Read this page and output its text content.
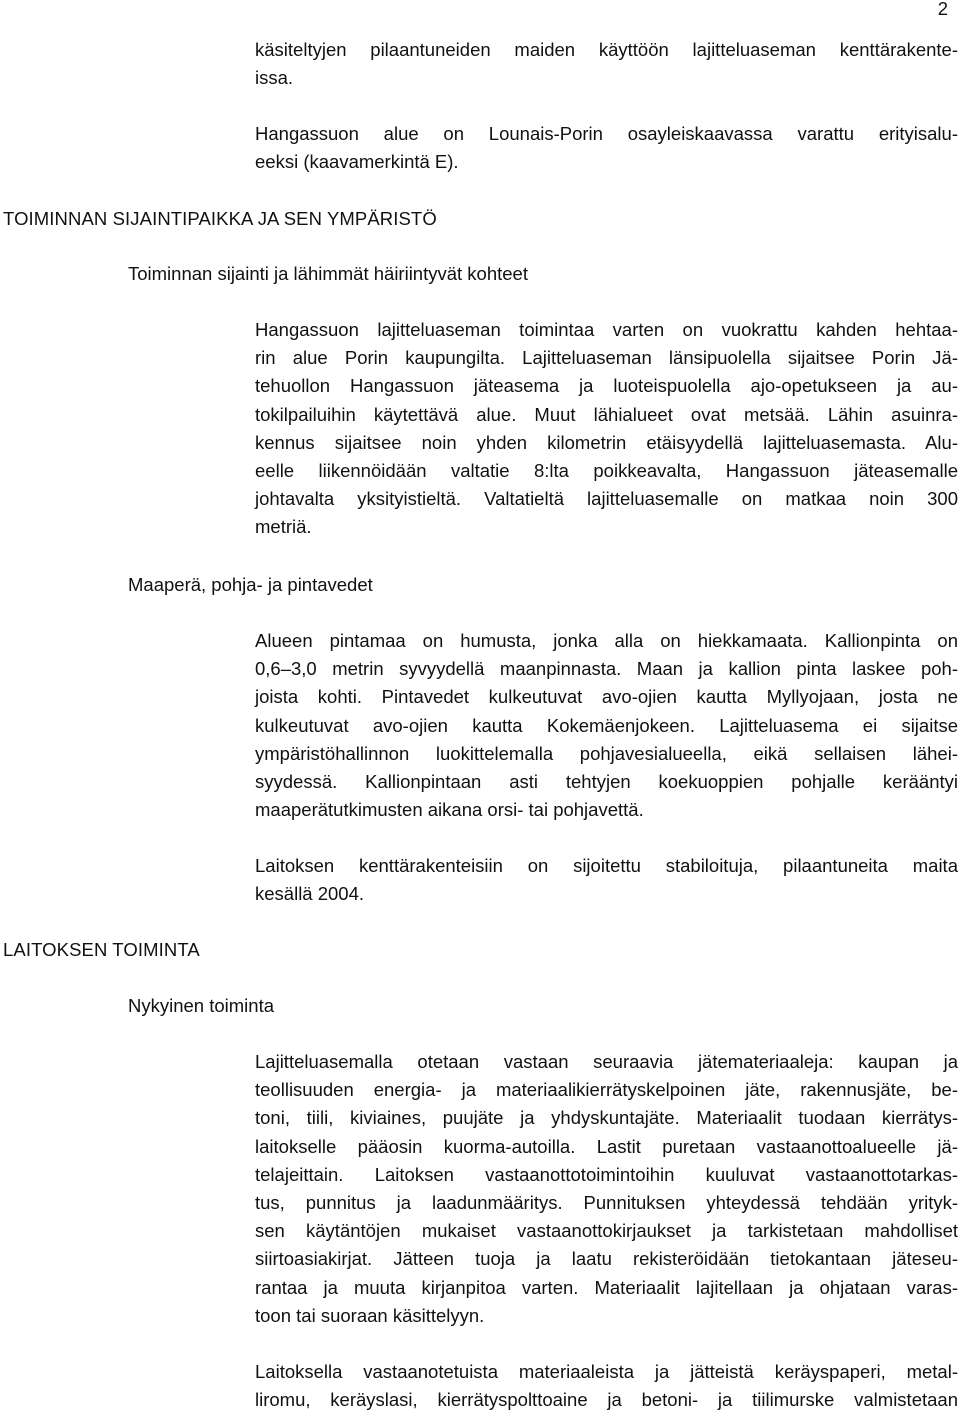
2

käsiteltyjen pilaantuneiden maiden käyttöön lajitteluaseman kenttärakente-
issa.

Hangassuon alue on Lounais-Porin osayleiskaavassa varattu erityisalu-
eeksi (kaavamerkintä E).

TOIMINNAN SIJAINTIPAIKKA JA SEN YMPÄRISTÖ
Toiminnan sijainti ja lähimmät häiriintyvät kohteet

Hangassuon lajitteluaseman toimintaa varten on vuokrattu kahden hehtaa-
rin alue Porin kaupungilta. Lajitteluaseman länsipuolella sijaitsee Porin Jä-
tehuollon Hangassuon jäteasema ja luoteispuolella ajo-opetukseen ja au-
tokilpailuihin käytettävä alue. Muut lähialueet ovat metsää. Lähin asuinra-
kennus sijaitsee noin yhden kilometrin etäisyydellä lajitteluasemasta. Alu-
eelle liikennöidään valtatie 8:lta poikkeavalta, Hangassuon jäteasemalle
johtavalta yksityistieltä. Valtatieltä lajitteluasemalle on matkaa noin 300
metriä.

Maaperä, pohja- ja pintavedet

Alueen pintamaa on humusta, jonka alla on hiekkamaata. Kallionpinta on
0,6–3,0 metrin syvyydellä maanpinnasta. Maan ja kallion pinta laskee poh-
joista kohti. Pintavedet kulkeutuvat avo-ojien kautta Myllyojaan, josta ne
kulkeutuvat avo-ojien kautta Kokemäenjokeen. Lajitteluasema ei sijaitse
ympäristöhallinnon luokittelemalla pohjavesialueella, eikä sellaisen lähei-
syydessä. Kallionpintaan asti tehtyjen koekuoppien pohjalle kerääntyi
maaperätutkimusten aikana orsi- tai pohjavettä.

Laitoksen kenttärakenteisiin on sijoitettu stabiloituja, pilaantuneita maita
kesällä 2004.

LAITOKSEN TOIMINTA
Nykyinen toiminta

Lajitteluasemalla otetaan vastaan seuraavia jätemateriaaleja: kaupan ja
teollisuuden energia- ja materiaalikierrätyskelpoinen jäte, rakennusjäte, be-
toni, tiili, kiviaines, puujäte ja yhdyskuntajäte. Materiaalit tuodaan kierrätys-
laitokselle pääosin kuorma-autoilla. Lastit puretaan vastaanottoalueelle jä-
telajeittain. Laitoksen vastaanottotoimintoihin kuuluvat vastaanottotarkas-
tus, punnitus ja laadunmääritys. Punnituksen yhteydessä tehdään yrityk-
sen käytäntöjen mukaiset vastaanottokirjaukset ja tarkistetaan mahdolliset
siirtoasiakirjat. Jätteen tuoja ja laatu rekisteröidään tietokantaan jäteseu-
rantaa ja muuta kirjanpitoa varten. Materiaalit lajitellaan ja ohjataan varas-
toon tai suoraan käsittelyyn.

Laitoksella vastaanotetuista materiaaleista ja jätteistä keräyspaperi, metal-
liromu, keräyslasi, kierrätyspolttoaine ja betoni- ja tiilimurske valmistetaan
